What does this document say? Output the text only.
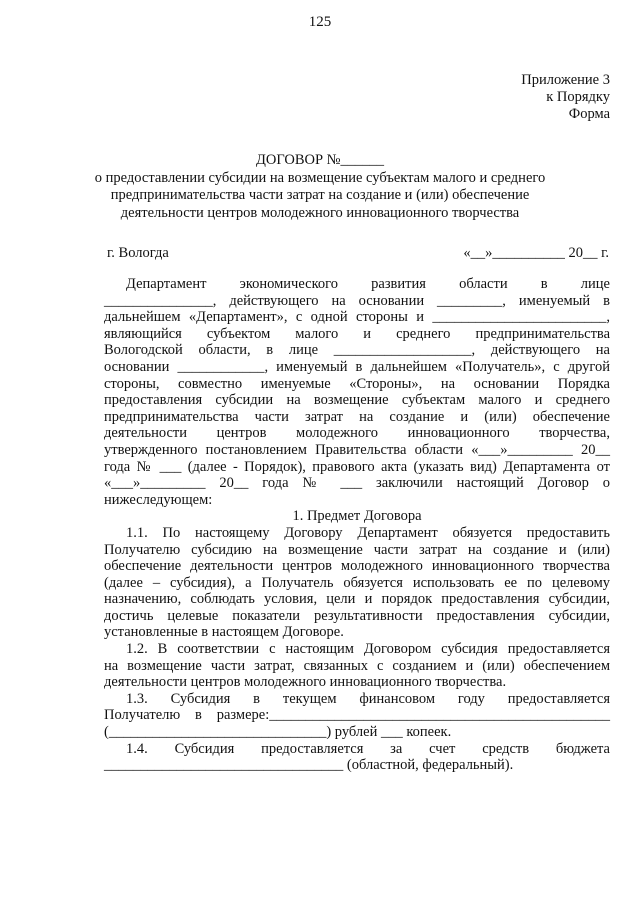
125
Приложение 3
к Порядку
Форма
ДОГОВОР №______
о предоставлении субсидии на возмещение субъектам малого и среднего
предпринимательства части затрат на создание и (или) обеспечение
деятельности центров молодежного инновационного творчества
г. Вологда	«__»__________ 20__ г.

Департамент экономического развития области в лице

_______________, действующего на основании _________, именуемый в

дальнейшем «Департамент», с одной стороны и ________________________,

являющийся субъектом малого и среднего предпринимательства

Вологодской области, в лице ___________________, действующего на

основании ____________, именуемый в дальнейшем «Получатель», с другой

стороны, совместно именуемые «Стороны», на основании Порядка

предоставления субсидии на возмещение субъектам малого и среднего

предпринимательства части затрат на создание и (или) обеспечение

деятельности центров молодежного инновационного творчества,

утвержденного постановлением Правительства области «___»_________ 20__

года № ___ (далее - Порядок), правового акта (указать вид) Департамента от

«___»_________ 20__ года № ___ заключили настоящий Договор о

нижеследующем:

1. Предмет Договора

1.1. По настоящему Договору Департамент обязуется предоставить

Получателю субсидию на возмещение части затрат на создание и (или)

обеспечение деятельности центров молодежного инновационного творчества

(далее – субсидия), а Получатель обязуется использовать ее по целевому

назначению, соблюдать условия, цели и порядок предоставления субсидии,

достичь целевые показатели результативности предоставления субсидии,

установленные в настоящем Договоре.

1.2. В соответствии с настоящим Договором субсидия предоставляется

на возмещение части затрат, связанных с созданием и (или) обеспечением

деятельности центров молодежного инновационного творчества.

1.3. Субсидия в текущем финансовом году предоставляется

Получателю в размере:_______________________________________________

(______________________________) рублей ___ копеек.

1.4. Субсидия предоставляется за счет средств бюджета

_________________________________ (областной, федеральный).
